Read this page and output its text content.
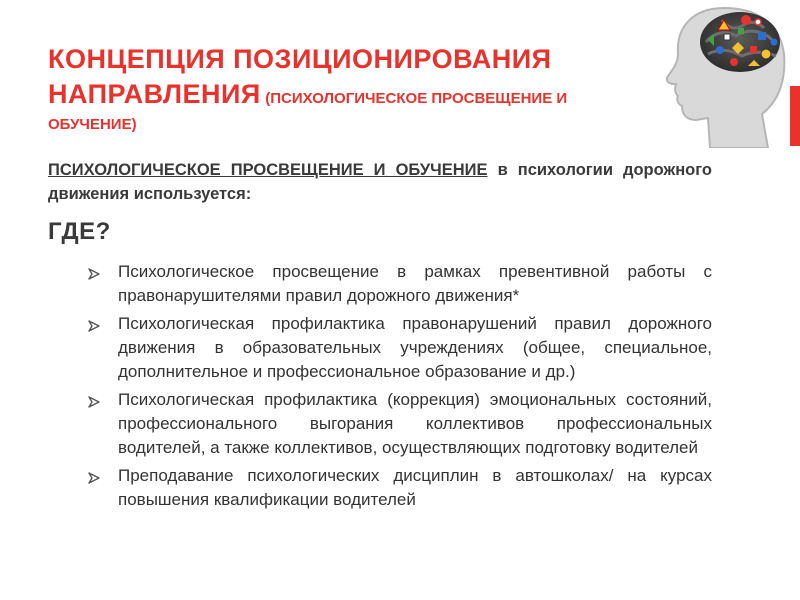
КОНЦЕПЦИЯ ПОЗИЦИОНИРОВАНИЯ
НАПРАВЛЕНИЯ (ПСИХОЛОГИЧЕСКОЕ ПРОСВЕЩЕНИЕ И
ОБУЧЕНИЕ)
ПСИХОЛОГИЧЕСКОЕ ПРОСВЕЩЕНИЕ И ОБУЧЕНИЕ в психологии дорожного движения используется:
ГДЕ?
Психологическое просвещение в рамках превентивной работы с правонарушителями правил дорожного движения*
Психологическая профилактика правонарушений правил дорожного движения в образовательных учреждениях (общее, специальное, дополнительное и профессиональное образование и др.)
Психологическая профилактика (коррекция) эмоциональных состояний, профессионального выгорания коллективов профессиональных водителей, а также коллективов, осуществляющих подготовку водителей
Преподавание психологических дисциплин в автошколах/ на курсах повышения квалификации водителей
